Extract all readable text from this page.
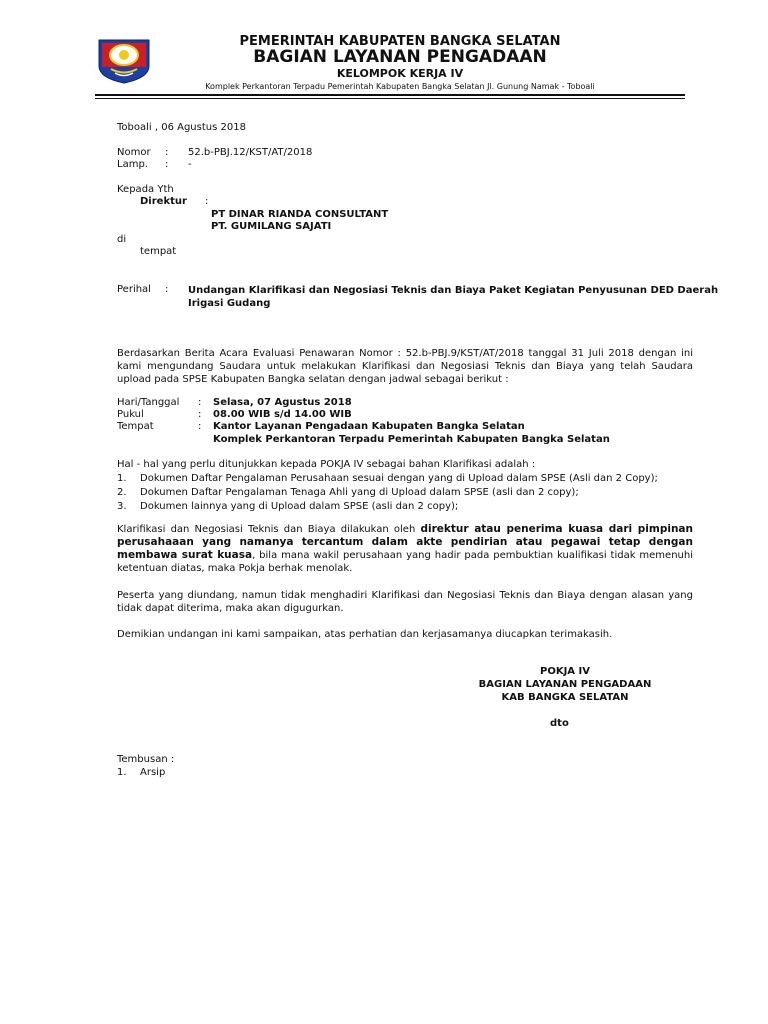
PEMERINTAH KABUPATEN BANGKA SELATAN
BAGIAN LAYANAN PENGADAAN
KELOMPOK KERJA IV
Komplek Perkantoran Terpadu Pemerintah Kabupaten Bangka Selatan Jl. Gunung Namak - Toboali
Toboali , 06 Agustus 2018
Nomor : 52.b-PBJ.12/KST/AT/2018
Lamp. : -
Kepada Yth
Direktur :
PT DINAR RIANDA CONSULTANT
PT. GUMILANG SAJATI
di
tempat
Perihal : Undangan Klarifikasi dan Negosiasi Teknis dan Biaya Paket Kegiatan Penyusunan DED Daerah
Irigasi Gudang
Berdasarkan Berita Acara Evaluasi Penawaran Nomor : 52.b-PBJ.9/KST/AT/2018 tanggal 31 Juli 2018 dengan ini kami mengundang Saudara untuk melakukan Klarifikasi dan Negosiasi Teknis dan Biaya yang telah Saudara upload pada SPSE Kabupaten Bangka selatan dengan jadwal sebagai berikut :
Hari/Tanggal : Selasa, 07 Agustus 2018
Pukul	: 08.00 WIB s/d 14.00 WIB
Tempat	: Kantor Layanan Pengadaan Kabupaten Bangka Selatan
Komplek Perkantoran Terpadu Pemerintah Kabupaten Bangka Selatan
Hal - hal yang perlu ditunjukkan kepada POKJA IV sebagai bahan Klarifikasi adalah :
1. Dokumen Daftar Pengalaman Perusahaan sesuai dengan yang di Upload dalam SPSE (Asli dan 2 Copy);
2. Dokumen Daftar Pengalaman Tenaga Ahli yang di Upload dalam SPSE (asli dan 2 copy);
3. Dokumen lainnya yang di Upload dalam SPSE (asli dan 2 copy);
Klarifikasi dan Negosiasi Teknis dan Biaya dilakukan oleh direktur atau penerima kuasa dari pimpinan perusahaaan yang namanya tercantum dalam akte pendirian atau pegawai tetap dengan membawa surat kuasa, bila mana wakil perusahaan yang hadir pada pembuktian kualifikasi tidak memenuhi ketentuan diatas, maka Pokja berhak menolak.
Peserta yang diundang, namun tidak menghadiri Klarifikasi dan Negosiasi Teknis dan Biaya dengan alasan yang tidak dapat diterima, maka akan digugurkan.
Demikian undangan ini kami sampaikan, atas perhatian dan kerjasamanya diucapkan terimakasih.
POKJA IV
BAGIAN LAYANAN PENGADAAN
KAB BANGKA SELATAN
dto
Tembusan :
1. Arsip
